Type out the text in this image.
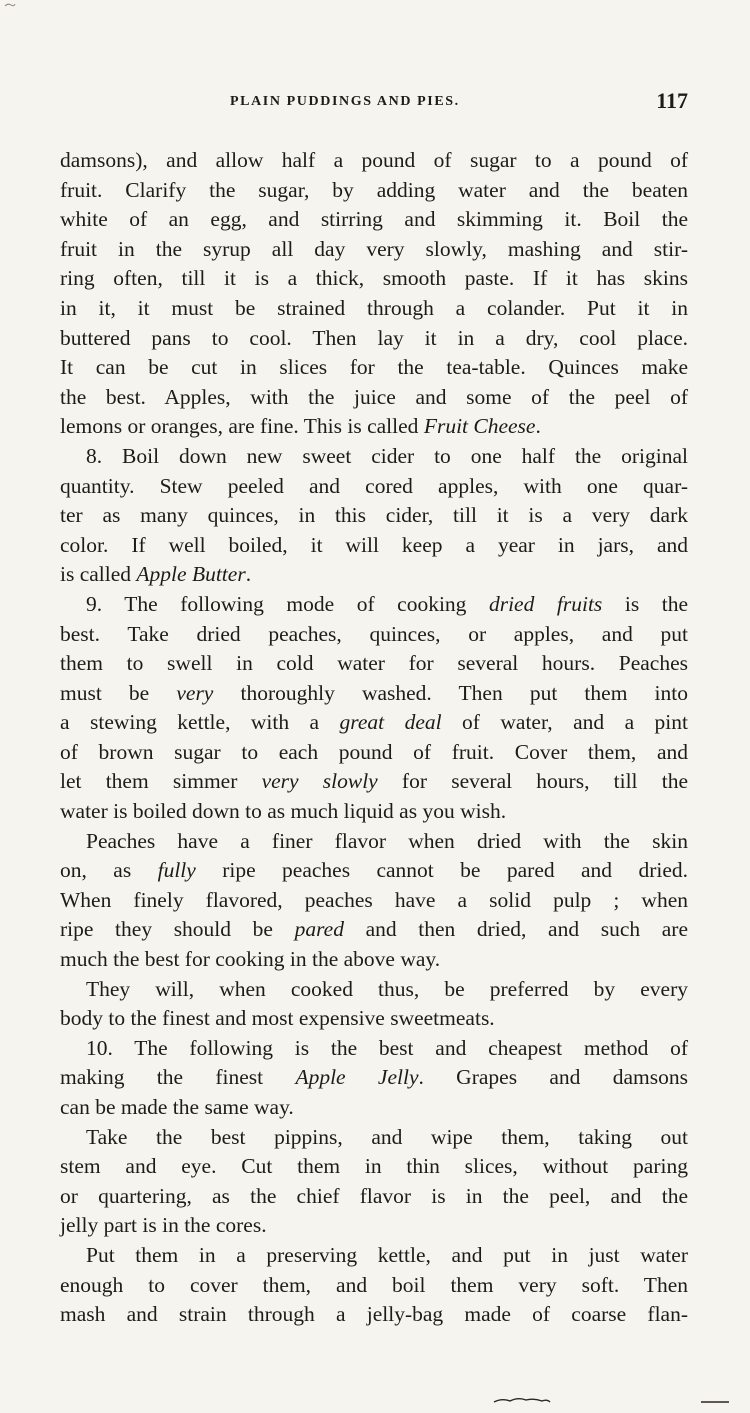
PLAIN PUDDINGS AND PIES.	117
damsons), and allow half a pound of sugar to a pound of
fruit. Clarify the sugar, by adding water and the beaten
white of an egg, and stirring and skimming it. Boil the
fruit in the syrup all day very slowly, mashing and stir-
ring often, till it is a thick, smooth paste. If it has skins
in it, it must be strained through a colander. Put it in
buttered pans to cool. Then lay it in a dry, cool place.
It can be cut in slices for the tea-table. Quinces make
the best. Apples, with the juice and some of the peel of
lemons or oranges, are fine. This is called Fruit Cheese.
8. Boil down new sweet cider to one half the original
quantity. Stew peeled and cored apples, with one quar-
ter as many quinces, in this cider, till it is a very dark
color. If well boiled, it will keep a year in jars, and
is called Apple Butter.
9. The following mode of cooking dried fruits is the
best. Take dried peaches, quinces, or apples, and put
them to swell in cold water for several hours. Peaches
must be very thoroughly washed. Then put them into
a stewing kettle, with a great deal of water, and a pint
of brown sugar to each pound of fruit. Cover them, and
let them simmer very slowly for several hours, till the
water is boiled down to as much liquid as you wish.
Peaches have a finer flavor when dried with the skin
on, as fully ripe peaches cannot be pared and dried.
When finely flavored, peaches have a solid pulp ; when
ripe they should be pared and then dried, and such are
much the best for cooking in the above way.
They will, when cooked thus, be preferred by every
body to the finest and most expensive sweetmeats.
10. The following is the best and cheapest method of
making the finest Apple Jelly. Grapes and damsons
can be made the same way.
Take the best pippins, and wipe them, taking out
stem and eye. Cut them in thin slices, without paring
or quartering, as the chief flavor is in the peel, and the
jelly part is in the cores.
Put them in a preserving kettle, and put in just water
enough to cover them, and boil them very soft. Then
mash and strain through a jelly-bag made of coarse flan-
